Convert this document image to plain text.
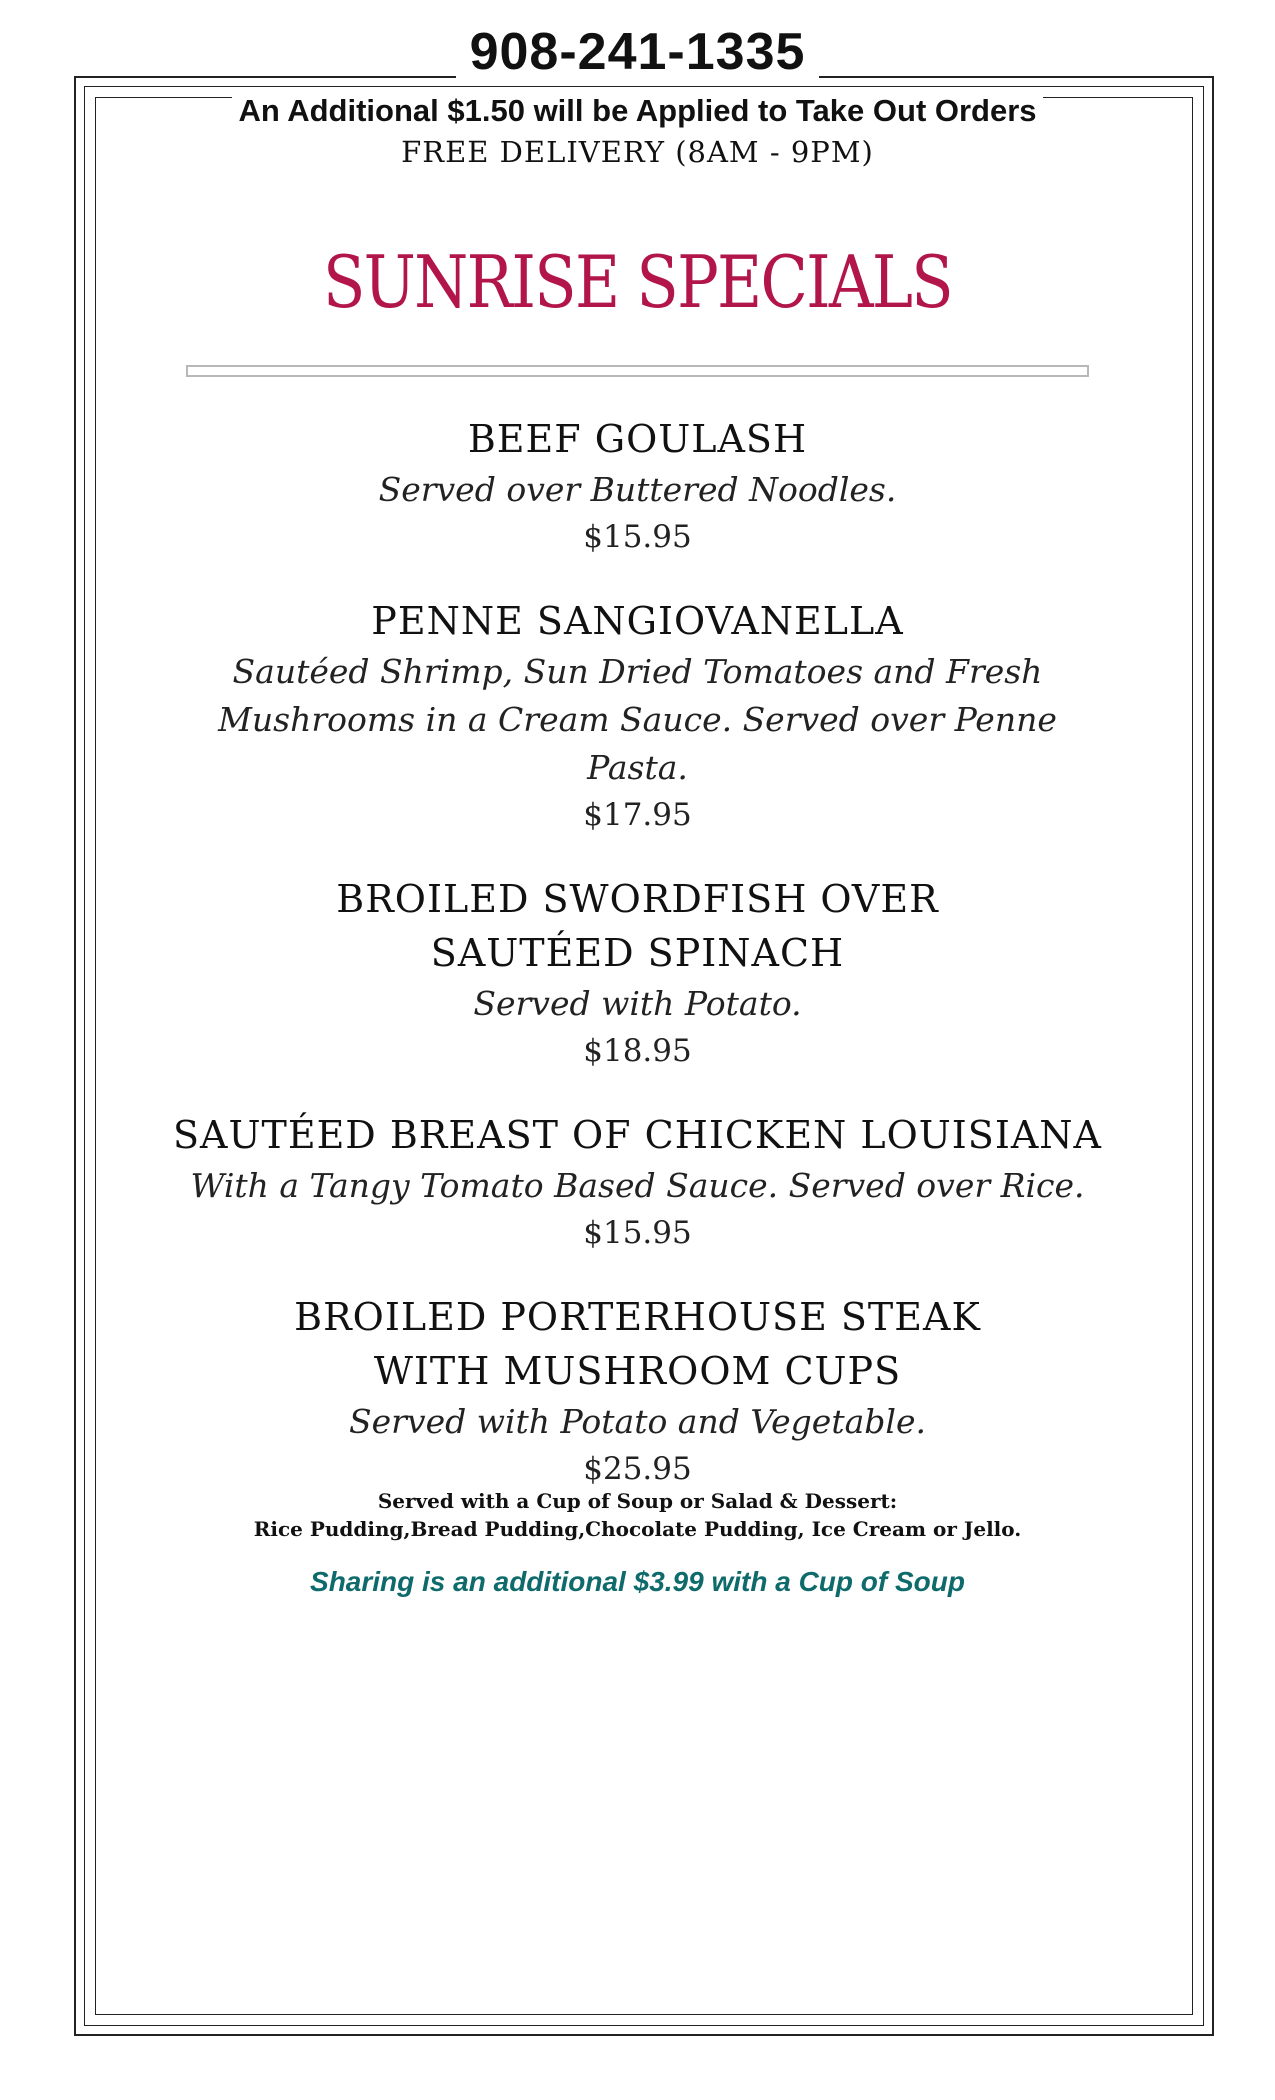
908-241-1335
An Additional $1.50 will be Applied to Take Out Orders
FREE DELIVERY (8AM - 9PM)
SUNRISE SPECIALS
BEEF GOULASH
Served over Buttered Noodles.
$15.95
PENNE SANGIOVANELLA
Sautéed Shrimp, Sun Dried Tomatoes and Fresh Mushrooms in a Cream Sauce. Served over Penne Pasta.
$17.95
BROILED SWORDFISH OVER SAUTÉED SPINACH
Served with Potato.
$18.95
SAUTÉED BREAST OF CHICKEN LOUISIANA
With a Tangy Tomato Based Sauce. Served over Rice.
$15.95
BROILED PORTERHOUSE STEAK WITH MUSHROOM CUPS
Served with Potato and Vegetable.
$25.95
Served with a Cup of Soup or Salad & Dessert:
Rice Pudding,Bread Pudding,Chocolate Pudding, Ice Cream or Jello.
Sharing is an additional $3.99 with a Cup of Soup
